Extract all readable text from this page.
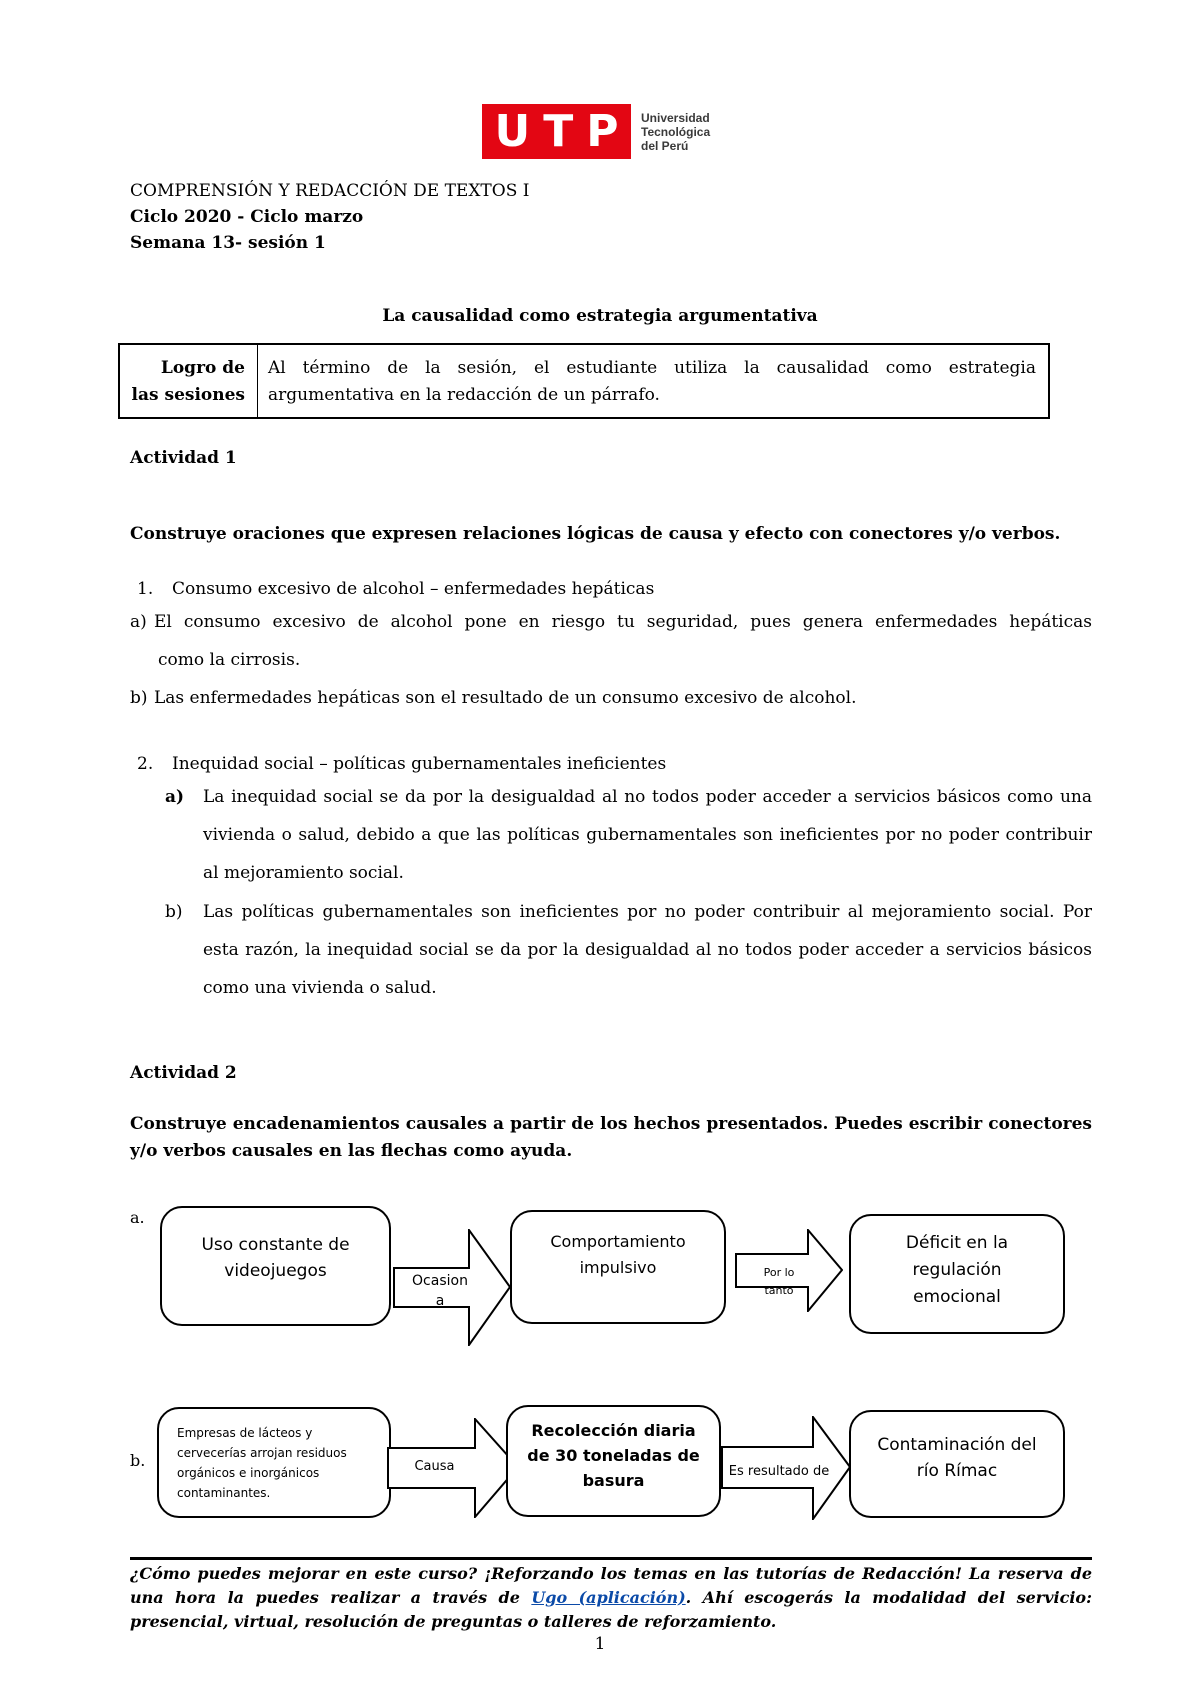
U T P Universidad
Tecnológica
del Perú
COMPRENSIÓN Y REDACCIÓN DE TEXTOS I
Ciclo 2020 - Ciclo marzo
Semana 13- sesión 1
La causalidad como estrategia argumentativa
Logro de
las sesiones
Al término de la sesión, el estudiante utiliza la causalidad como estrategia argumentativa en la redacción de un párrafo.
Actividad 1
Construye oraciones que expresen relaciones lógicas de causa y efecto con conectores y/o verbos.
1. Consumo excesivo de alcohol – enfermedades hepáticas
a) El consumo excesivo de alcohol pone en riesgo tu seguridad, pues genera enfermedades hepáticas
como la cirrosis.
b) Las enfermedades hepáticas son el resultado de un consumo excesivo de alcohol.
2. Inequidad social – políticas gubernamentales ineficientes
a) La inequidad social se da por la desigualdad al no todos poder acceder a servicios básicos como una vivienda o salud, debido a que las políticas gubernamentales son ineficientes por no poder contribuir al mejoramiento social.
b) Las políticas gubernamentales son ineficientes por no poder contribuir al mejoramiento social. Por esta razón, la inequidad social se da por la desigualdad al no todos poder acceder a servicios básicos como una vivienda o salud.
Actividad 2
Construye encadenamientos causales a partir de los hechos presentados. Puedes escribir conectores y/o verbos causales en las flechas como ayuda.
a.
Uso constante de videojuegos	Ocasion
a
Comportamiento impulsivo	Por lo
tanto
Déficit en la regulación emocional
b.
Empresas de lácteos y cervecerías arrojan residuos orgánicos e inorgánicos contaminantes.
Causa
Recolección diaria de 30 toneladas de basura	Es resultado de
Contaminación del río Rímac
¿Cómo puedes mejorar en este curso? ¡Reforzando los temas en las tutorías de Redacción! La reserva de una hora la puedes realizar a través de Ugo (aplicación). Ahí escogerás la modalidad del servicio: presencial, virtual, resolución de preguntas o talleres de reforzamiento.
1
